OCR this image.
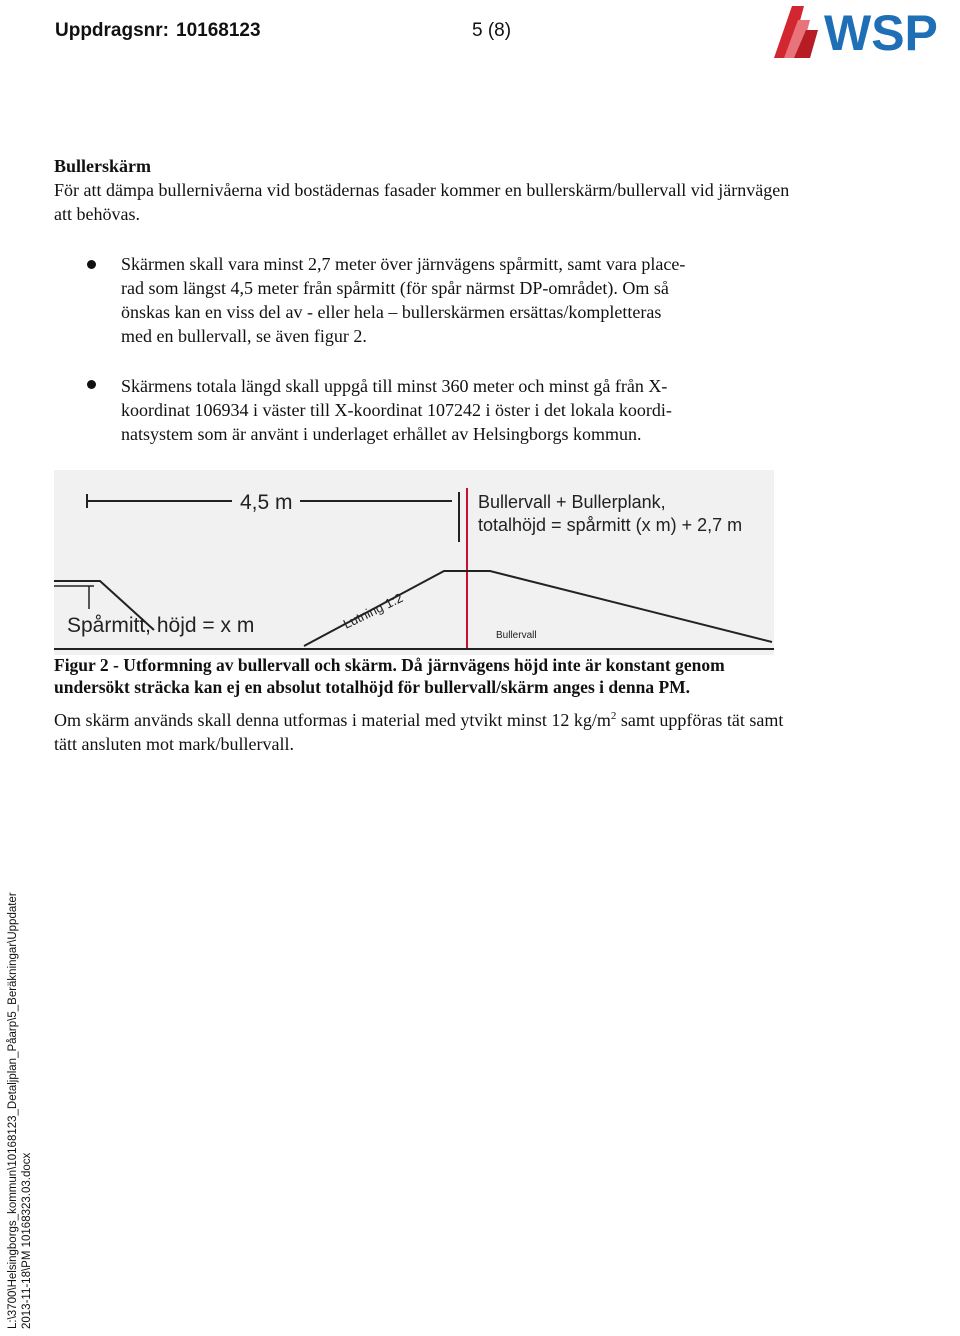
Uppdragsnr: 10168123	5 (8)	WSP
Bullerskärm
För att dämpa bullernivåerna vid bostädernas fasader kommer en bullerskärm/bullervall vid järnvägen att behövas.
Skärmen skall vara minst 2,7 meter över järnvägens spårmitt, samt vara place-
rad som längst 4,5 meter från spårmitt (för spår närmst DP-området). Om så
önskas kan en viss del av - eller hela – bullerskärmen ersättas/kompletteras
med en bullervall, se även figur 2.
Skärmens totala längd skall uppgå till minst 360 meter och minst gå från X-
koordinat 106934 i väster till X-koordinat 107242 i öster i det lokala koordi-
natsystem som är använt i underlaget erhållet av Helsingborgs kommun.
4,5 m	Bullervall + Bullerplank,
totalhöjd = spårmitt (x m) + 2,7 m
Spårmitt, höjd = x m	Lutning 1:2
Bullervall
Figur 2 - Utformning av bullervall och skärm. Då järnvägens höjd inte är konstant genom undersökt sträcka kan ej en absolut totalhöjd för bullervall/skärm anges i denna PM.
Om skärm används skall denna utformas i material med ytvikt minst 12 $kg/m^2$ samt uppföras tät samt tätt ansluten mot mark/bullervall.
L:\3700\Helsingborgs_kommun\10168123_Detaljplan_Påarp\5_Beräkningar\Uppdatering 2013-11-18\PM 10168323.03.docx
